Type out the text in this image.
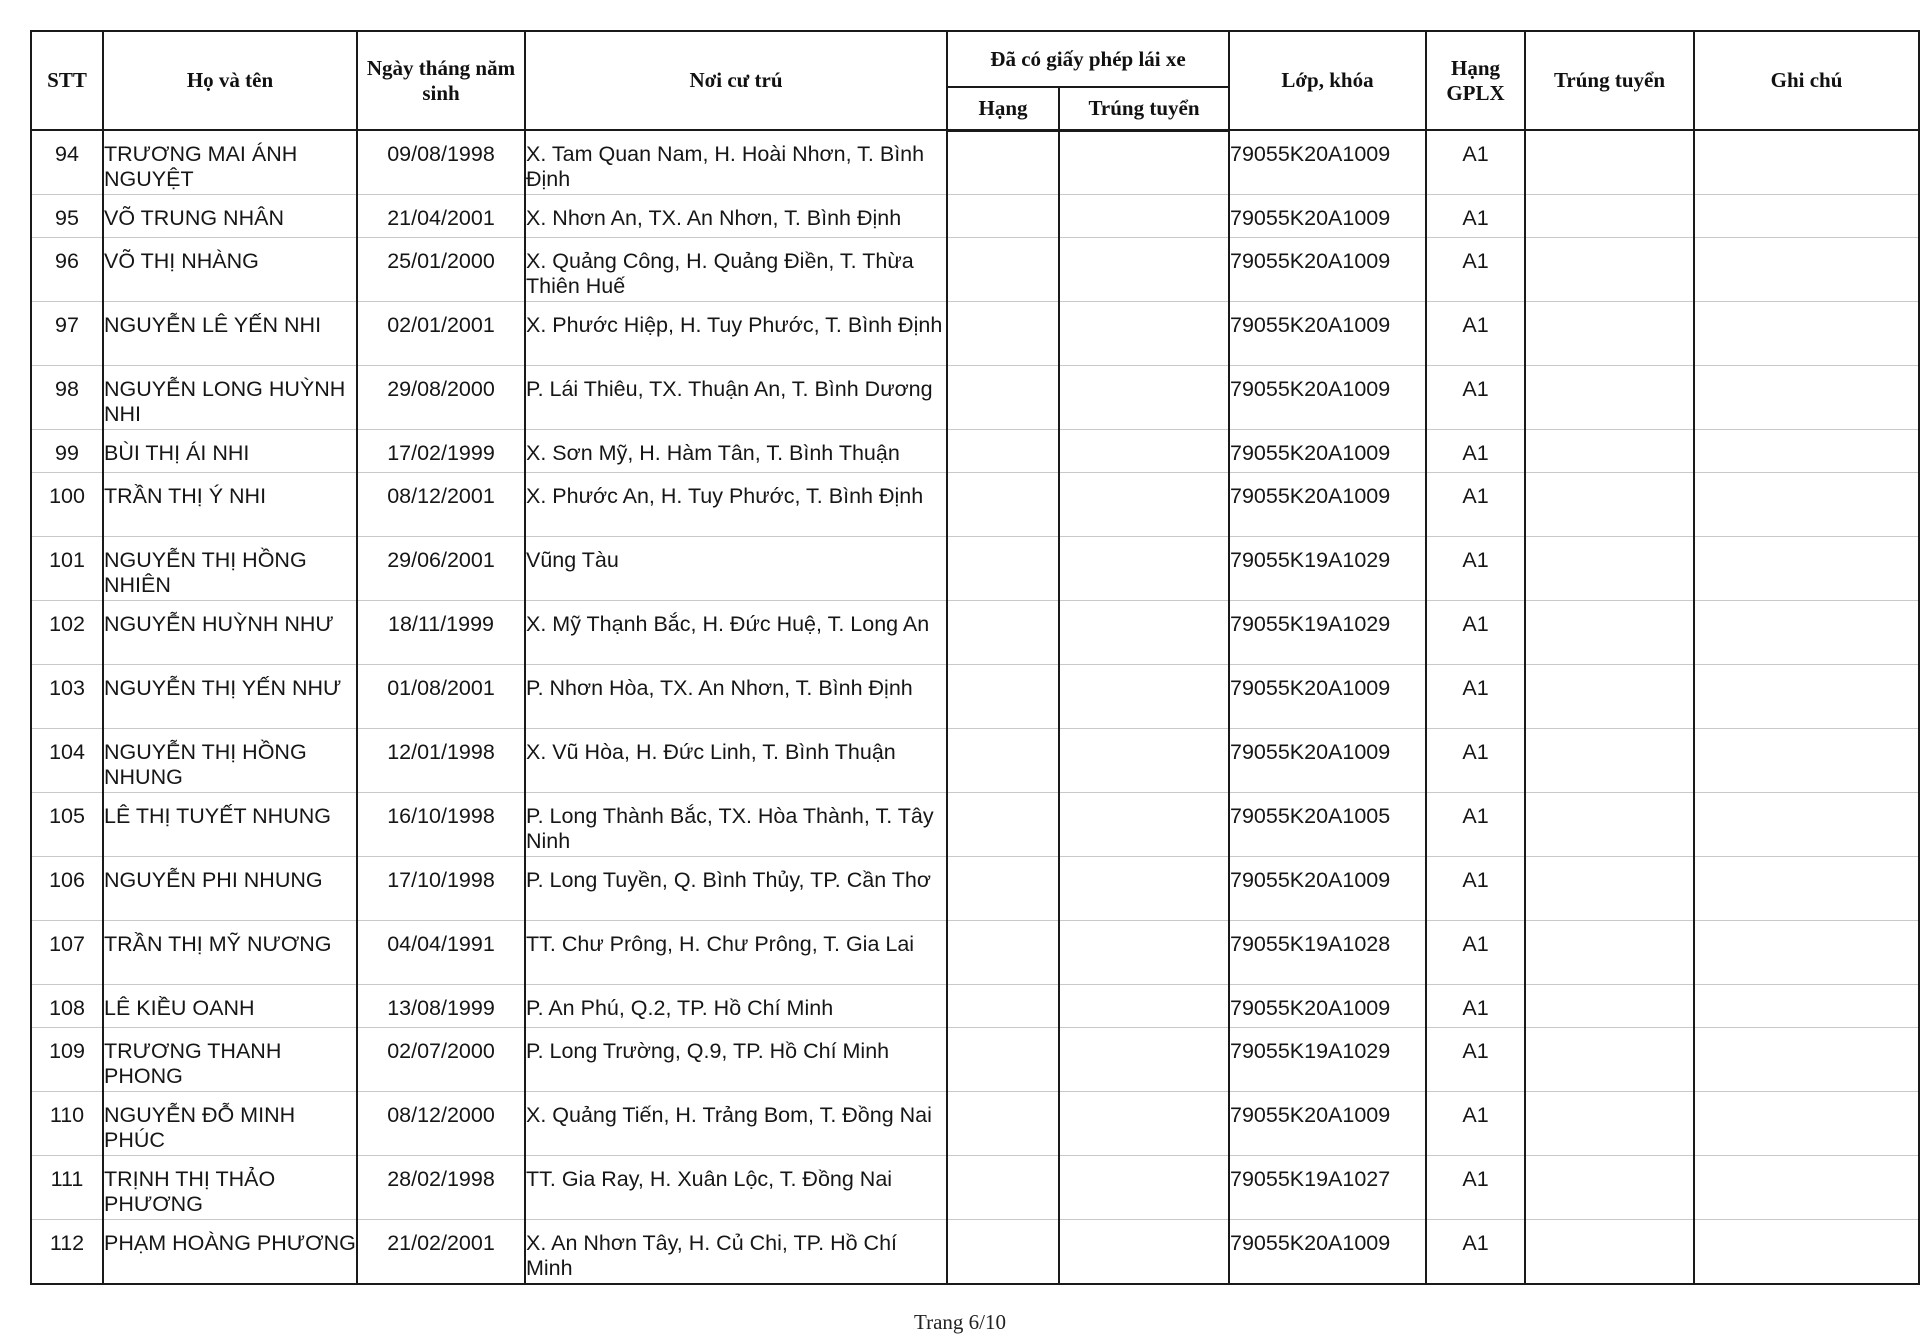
STT	Họ và tên	Ngày tháng năm sinh	Nơi cư trú	Đã có giấy phép lái xe		Lớp, khóa	Hạng GPLX	Trúng tuyển	Ghi chú
				Hạng	Trúng tuyển				
94	TRƯƠNG MAI ÁNH NGUYỆT	09/08/1998	X. Tam Quan Nam, H. Hoài Nhơn, T. Bình Định			79055K20A1009	A1		
95	VÕ TRUNG NHÂN	21/04/2001	X. Nhơn An, TX. An Nhơn, T. Bình Định			79055K20A1009	A1		
96	VÕ THỊ NHÀNG	25/01/2000	X. Quảng Công, H. Quảng Điền, T. Thừa Thiên Huế			79055K20A1009	A1		
97	NGUYỄN LÊ YẾN NHI	02/01/2001	X. Phước Hiệp, H. Tuy Phước, T. Bình Định			79055K20A1009	A1		
98	NGUYỄN LONG HUỲNH NHI	29/08/2000	P. Lái Thiêu, TX. Thuận An, T. Bình Dương			79055K20A1009	A1		
99	BÙI THỊ ÁI NHI	17/02/1999	X. Sơn Mỹ, H. Hàm Tân, T. Bình Thuận			79055K20A1009	A1		
100	TRẦN THỊ Ý NHI	08/12/2001	X. Phước An, H. Tuy Phước, T. Bình Định			79055K20A1009	A1		
101	NGUYỄN THỊ HỒNG NHIÊN	29/06/2001	Vũng Tàu			79055K19A1029	A1		
102	NGUYỄN HUỲNH NHƯ	18/11/1999	X. Mỹ Thạnh Bắc, H. Đức Huệ, T. Long An			79055K19A1029	A1		
103	NGUYỄN THỊ YẾN NHƯ	01/08/2001	P. Nhơn Hòa, TX. An Nhơn, T. Bình Định			79055K20A1009	A1		
104	NGUYỄN THỊ HỒNG NHUNG	12/01/1998	X. Vũ Hòa, H. Đức Linh, T. Bình Thuận			79055K20A1009	A1		
105	LÊ THỊ TUYẾT NHUNG	16/10/1998	P. Long Thành Bắc, TX. Hòa Thành, T. Tây Ninh			79055K20A1005	A1		
106	NGUYỄN PHI NHUNG	17/10/1998	P. Long Tuyền, Q. Bình Thủy, TP. Cần Thơ			79055K20A1009	A1		
107	TRẦN THỊ MỸ NƯƠNG	04/04/1991	TT. Chư Prông, H. Chư Prông, T. Gia Lai			79055K19A1028	A1		
108	LÊ KIỀU OANH	13/08/1999	P. An Phú, Q.2, TP. Hồ Chí Minh			79055K20A1009	A1		
109	TRƯƠNG THANH PHONG	02/07/2000	P. Long Trường, Q.9, TP. Hồ Chí Minh			79055K19A1029	A1		
110	NGUYỄN ĐỖ MINH PHÚC	08/12/2000	X. Quảng Tiến, H. Trảng Bom, T. Đồng Nai			79055K20A1009	A1		
111	TRỊNH THỊ THẢO PHƯƠNG	28/02/1998	TT. Gia Ray, H. Xuân Lộc, T. Đồng Nai			79055K19A1027	A1		
112	PHẠM HOÀNG PHƯƠNG	21/02/2001	X. An Nhơn Tây, H. Củ Chi, TP. Hồ Chí Minh			79055K20A1009	A1		
Trang 6/10
